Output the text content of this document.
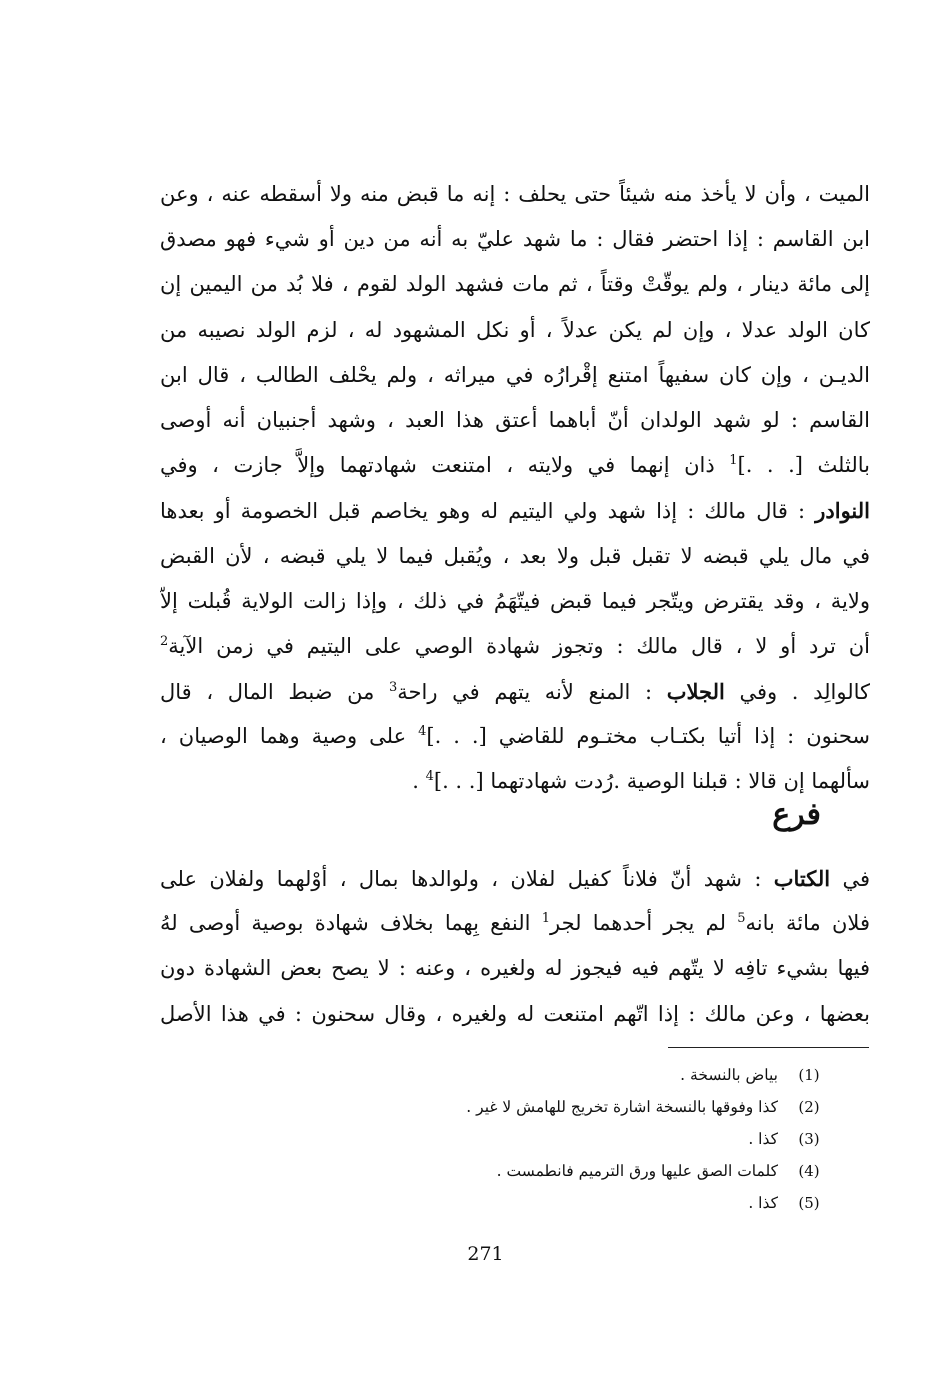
الميت ، وأن لا يأخذ منه شيئاً حتى يحلف : إنه ما قبض منه ولا أسقطه عنه ، وعن
ابن القاسم : إذا احتضر فقال : ما شهد عليّ به أنه من دين أو شيء فهو مصدق
إلى مائة دينار ، ولم يوقّتْ وقتاً ، ثم مات فشهد الولد لقوم ، فلا بُد من اليمين إن
كان الولد عدلا ، وإن لم يكن عدلاً ، أو نكل المشهود له ، لزم الولد نصيبه من
الديـن ، وإن كان سفيهاً امتنع إقْرارُه في ميراثه ، ولم يحْلف الطالب ، قال ابن
القاسم : لو شهد الولدان أنّ أباهما أعتق هذا العبد ، وشهد أجنبيان أنه أوصى
بالثلث [. . .]$^1$ ذان إنهما في ولايته ، امتنعت شهادتهما وإلاَّ جازت ، وفي
النوادر : قال مالك : إذا شهد ولي اليتيم له وهو يخاصم قبل الخصومة أو بعدها
في مال يلي قبضه لا تقبل قبل ولا بعد ، ويُقبل فيما لا يلي قبضه ، لأن القبض
ولاية ، وقد يقترض ويتّجر فيما قبض فيتّهَمُ في ذلك ، وإذا زالت الولاية قُبلت إلاّ
أن ترد أو لا ، قال مالك : وتجوز شهادة الوصي على اليتيم في زمن الآية$^2$
كالوالِد . وفي الجلاب : المنع لأنه يتهم في راحة$^3$ من ضبط المال ، قال
سحنون : إذا أتيا بكتـاب مختـوم للقاضي [. . .]$^4$ على وصية وهما الوصيان ،
سألهما إن قالا : قبلنا الوصية .رُدت شهادتهما [. . .]$^4$ .
فرع
في الكتاب : شهد أنّ فلاناً كفيل لفلان ، ولوالدها بمال ، أوْلهما ولفلان على
فلان مائة بانه$^5$ لم يجر أحدهما لجر$^1$ النفع بِهما بخلاف شهادة بوصية أوصى لهُ
فيها بشيء تافِه لا يتّهم فيه فيجوز له ولغيره ، وعنه : لا يصح بعض الشهادة دون
بعضها ، وعن مالك : إذا اتّهم امتنعت له ولغيره ، وقال سحنون : في هذا الأصل
(1)بياض بالنسخة .
(2)كذا وفوقها بالنسخة اشارة تخريج للهامش لا غير .
(3)كذا .
(4)كلمات الصق عليها ورق الترميم فانطمست .
(5)كذا .
271
